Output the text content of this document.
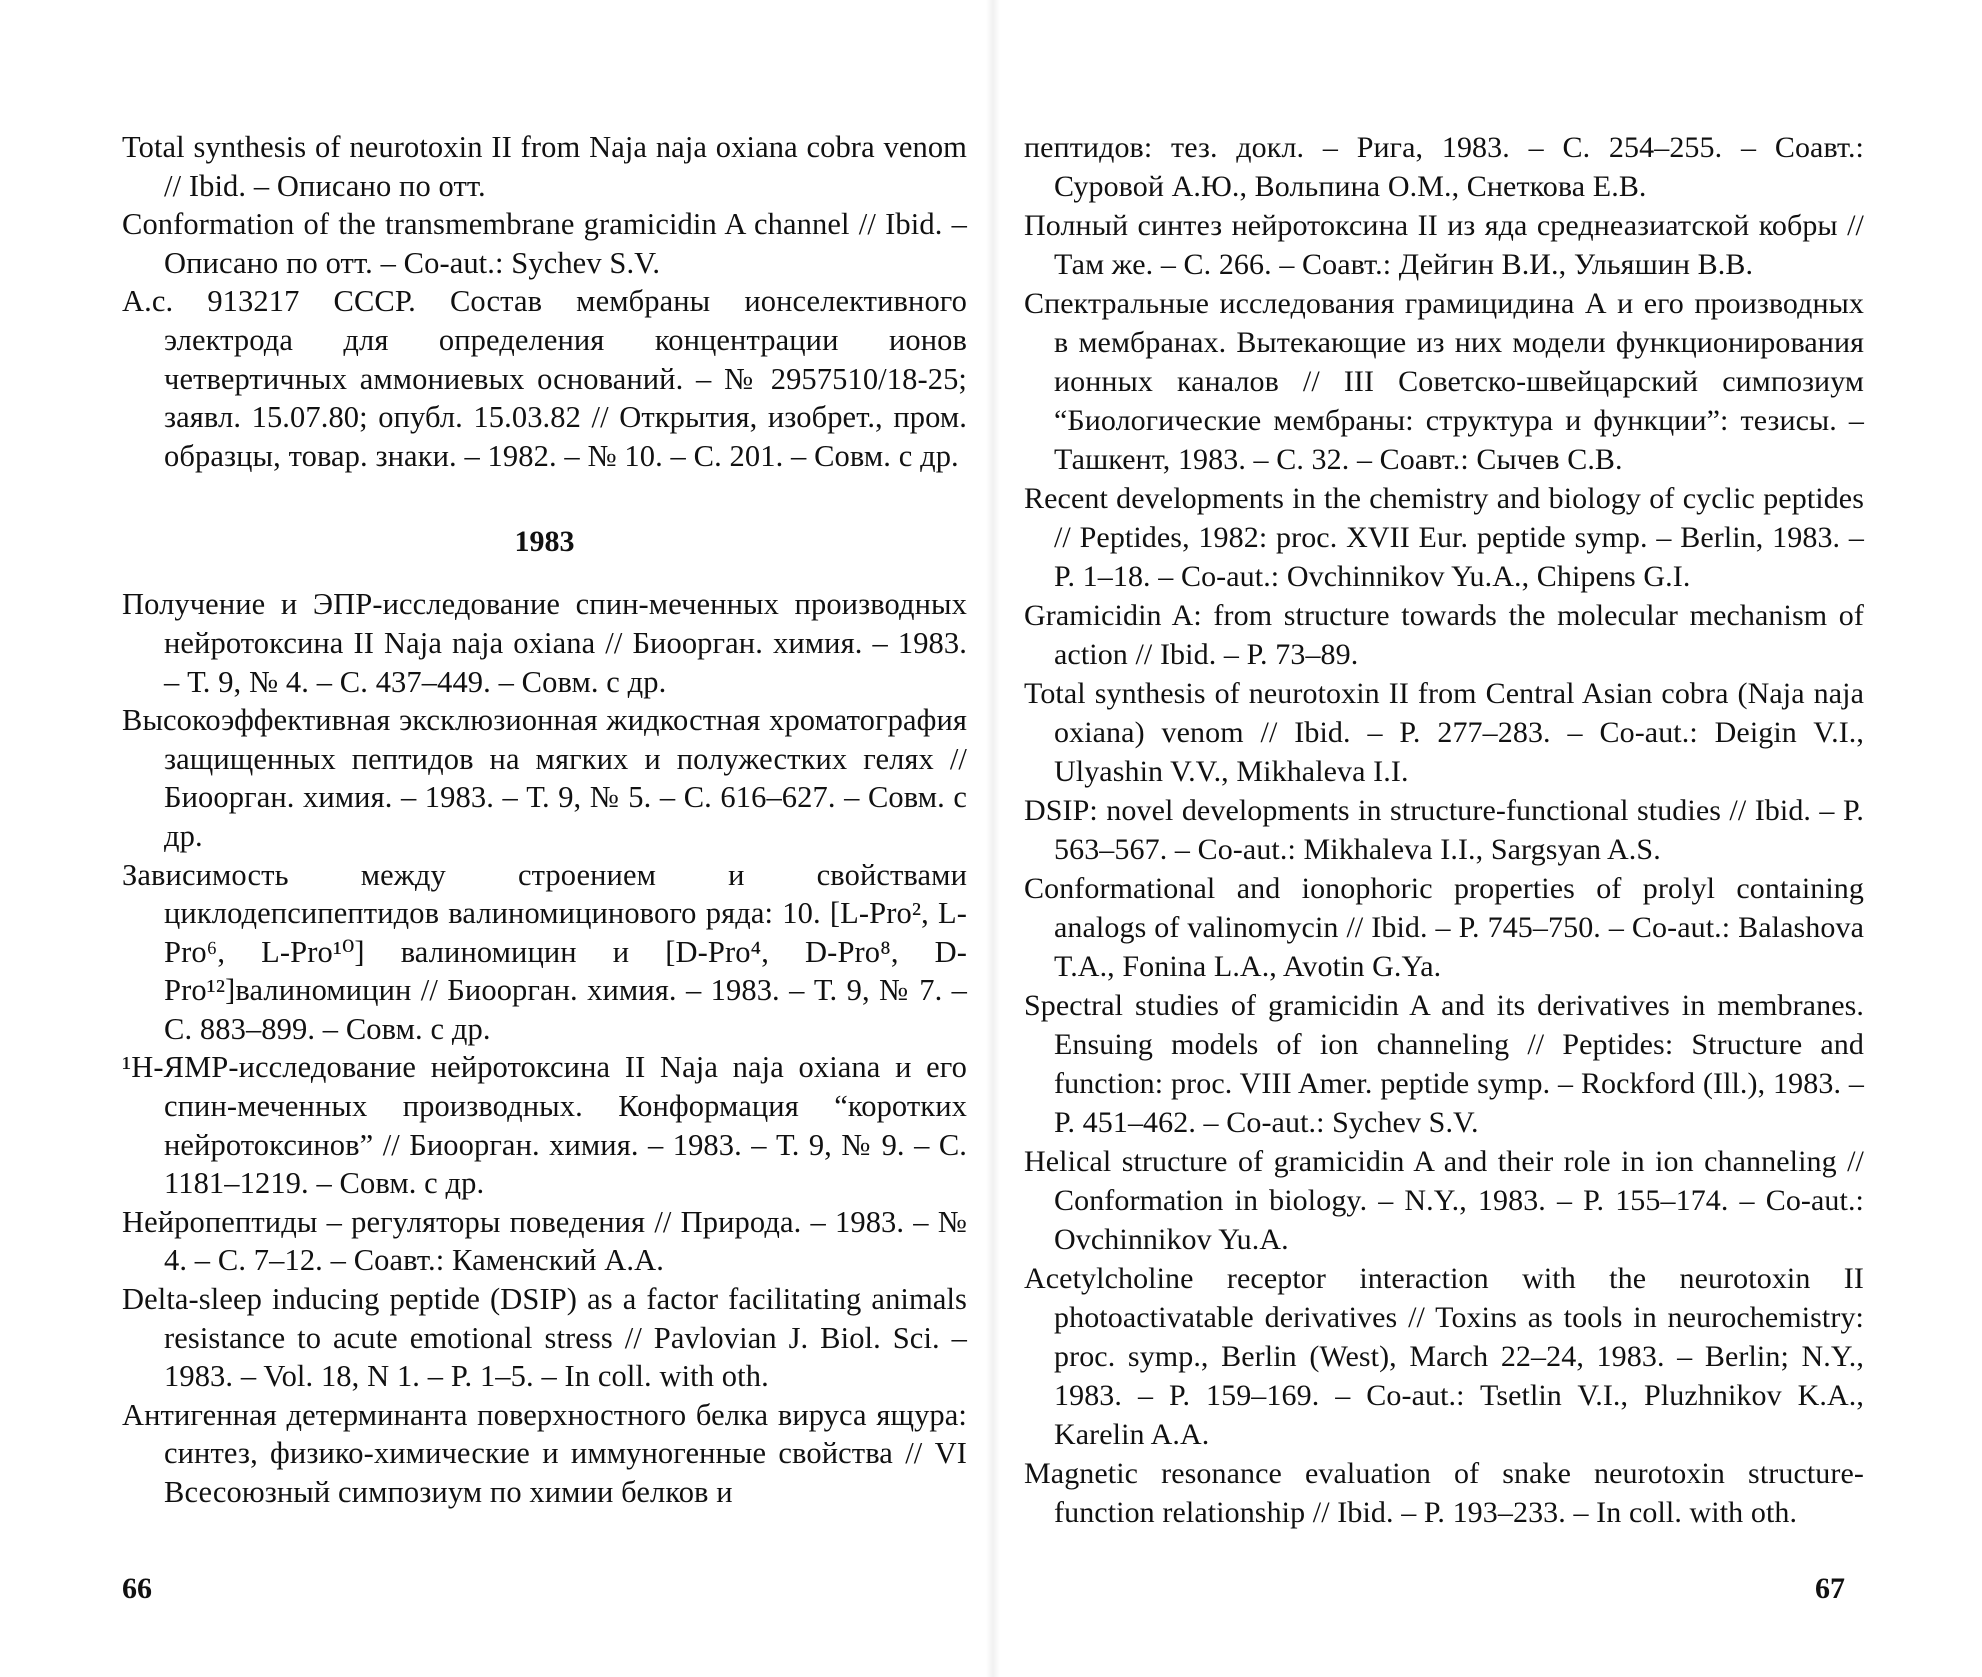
Total synthesis of neurotoxin II from Naja naja oxiana cobra venom // Ibid. – Описано по отт.

Conformation of the transmembrane gramicidin A channel // Ibid. – Описано по отт. – Co-aut.: Sychev S.V.

A.c. 913217 СССР. Состав мембраны ионселективного электрода для определения концентрации ионов четвертичных аммониевых оснований. – № 2957510/18-25; заявл. 15.07.80; опубл. 15.03.82 // Открытия, изобрет., пром. образцы, товар. знаки. – 1982. – № 10. – С. 201. – Совм. с др.

1983

Получение и ЭПР-исследование спин-меченных производных нейротоксина II Naja naja oxiana // Биоорган. химия. – 1983. – Т. 9, № 4. – С. 437–449. – Совм. с др.

Высокоэффективная эксклюзионная жидкостная хроматография защищенных пептидов на мягких и полужестких гелях // Биоорган. химия. – 1983. – Т. 9, № 5. – С. 616–627. – Совм. с др.

Зависимость между строением и свойствами циклодепсипептидов валиномицинового ряда: 10. [L-Pro², L-Pro⁶, L-Pro¹⁰] валиномицин и [D-Pro⁴, D-Pro⁸, D-Pro¹²]валиномицин // Биоорган. химия. – 1983. – Т. 9, № 7. – С. 883–899. – Совм. с др.

¹H-ЯМР-исследование нейротоксина II Naja naja oxiana и его спин-меченных производных. Конформация “коротких нейротоксинов” // Биоорган. химия. – 1983. – Т. 9, № 9. – С. 1181–1219. – Совм. с др.

Нейропептиды – регуляторы поведения // Природа. – 1983. – № 4. – С. 7–12. – Соавт.: Каменский А.А.

Delta-sleep inducing peptide (DSIP) as a factor facilitating animals resistance to acute emotional stress // Pavlovian J. Biol. Sci. – 1983. – Vol. 18, N 1. – P. 1–5. – In coll. with oth.

Антигенная детерминанта поверхностного белка вируса ящура: синтез, физико-химические и иммуногенные свойства // VI Всесоюзный симпозиум по химии белков и

66

пептидов: тез. докл. – Рига, 1983. – С. 254–255. – Соавт.: Суровой А.Ю., Вольпина О.М., Снеткова Е.В.

Полный синтез нейротоксина II из яда среднеазиатской кобры // Там же. – С. 266. – Соавт.: Дейгин В.И., Ульяшин В.В.

Спектральные исследования грамицидина А и его производных в мембранах. Вытекающие из них модели функционирования ионных каналов // III Советско-швейцарский симпозиум “Биологические мембраны: структура и функции”: тезисы. – Ташкент, 1983. – С. 32. – Соавт.: Сычев С.В.

Recent developments in the chemistry and biology of cyclic peptides // Peptides, 1982: proc. XVII Eur. peptide symp. – Berlin, 1983. – P. 1–18. – Co-aut.: Ovchinnikov Yu.A., Chipens G.I.

Gramicidin A: from structure towards the molecular mechanism of action // Ibid. – P. 73–89.

Total synthesis of neurotoxin II from Central Asian cobra (Naja naja oxiana) venom // Ibid. – P. 277–283. – Co-aut.: Deigin V.I., Ulyashin V.V., Mikhaleva I.I.

DSIP: novel developments in structure-functional studies // Ibid. – P. 563–567. – Co-aut.: Mikhaleva I.I., Sargsyan A.S.

Conformational and ionophoric properties of prolyl containing analogs of valinomycin // Ibid. – P. 745–750. – Co-aut.: Balashova T.A., Fonina L.A., Avotin G.Ya.

Spectral studies of gramicidin A and its derivatives in membranes. Ensuing models of ion channeling // Peptides: Structure and function: proc. VIII Amer. peptide symp. – Rockford (Ill.), 1983. – P. 451–462. – Co-aut.: Sychev S.V.

Helical structure of gramicidin A and their role in ion channeling // Conformation in biology. – N.Y., 1983. – P. 155–174. – Co-aut.: Ovchinnikov Yu.A.

Acetylcholine receptor interaction with the neurotoxin II photoactivatable derivatives // Toxins as tools in neurochemistry: proc. symp., Berlin (West), March 22–24, 1983. – Berlin; N.Y., 1983. – P. 159–169. – Co-aut.: Tsetlin V.I., Pluzhnikov K.A., Karelin A.A.

Magnetic resonance evaluation of snake neurotoxin structure-function relationship // Ibid. – P. 193–233. – In coll. with oth.

67
